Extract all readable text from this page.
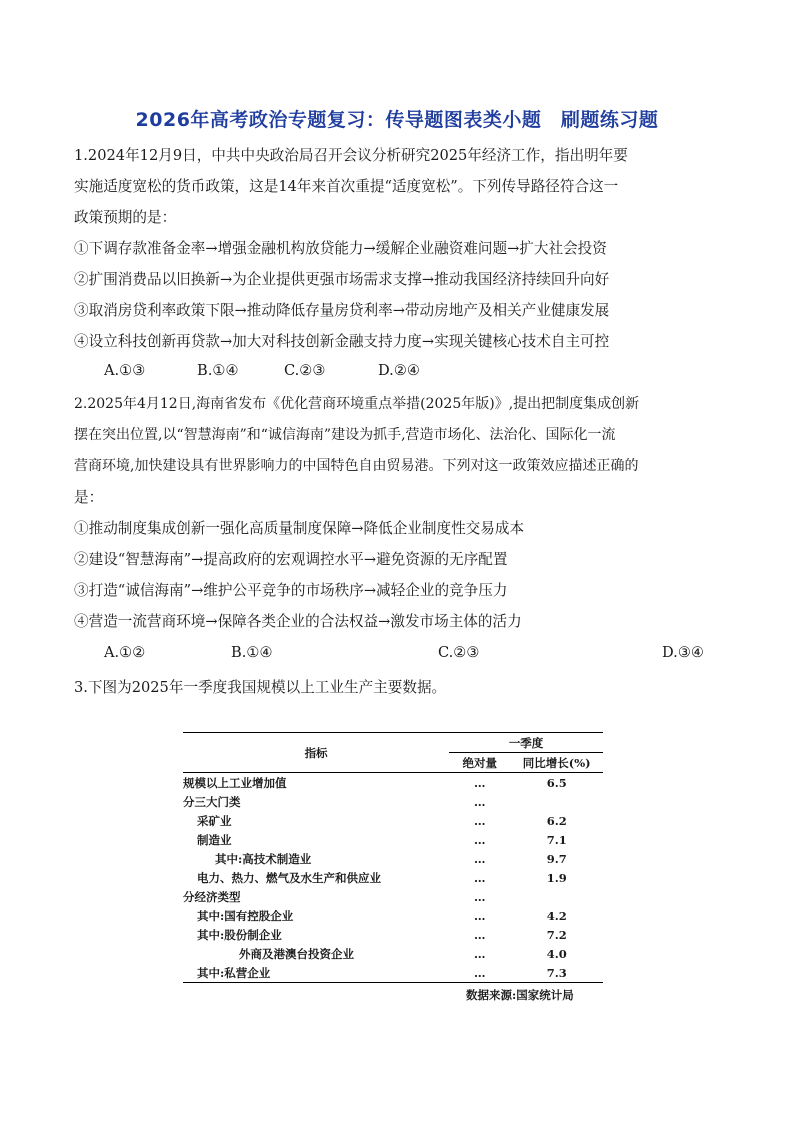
2026年高考政治专题复习：传导题图表类小题　刷题练习题
1.2024年12月9日，中共中央政治局召开会议分析研究2025年经济工作，指出明年要
实施适度宽松的货币政策，这是14年来首次重提“适度宽松”。下列传导路径符合这一
政策预期的是：
①下调存款准备金率→增强金融机构放贷能力→缓解企业融资难问题→扩大社会投资
②扩围消费品以旧换新→为企业提供更强市场需求支撑→推动我国经济持续回升向好
③取消房贷利率政策下限→推动降低存量房贷利率→带动房地产及相关产业健康发展
④设立科技创新再贷款→加大对科技创新金融支持力度→实现关键核心技术自主可控
A.①③	B.①④	C.②③	D.②④
2.2025年4月12日,海南省发布《优化营商环境重点举措(2025年版)》,提出把制度集成创新
摆在突出位置,以“智慧海南”和“诚信海南”建设为抓手,营造市场化、法治化、国际化一流
营商环境,加快建设具有世界影响力的中国特色自由贸易港。下列对这一政策效应描述正确的
是：
①推动制度集成创新一强化高质量制度保障→降低企业制度性交易成本
②建设“智慧海南”→提高政府的宏观调控水平→避免资源的无序配置
③打造“诚信海南”→维护公平竞争的市场秩序→减轻企业的竞争压力
④营造一流营商环境→保障各类企业的合法权益→激发市场主体的活力
A.①②	B.①④	C.②③	D.③④
3.下图为2025年一季度我国规模以上工业生产主要数据。
指标	一季度	
	绝对量	同比增长(%)
规模以上工业增加值	…	6.5
分三大门类	…	
采矿业	…	6.2
制造业	…	7.1
其中:高技术制造业	…	9.7
电力、热力、燃气及水生产和供应业	…	1.9
分经济类型	…	
其中:国有控股企业	…	4.2
其中:股份制企业	…	7.2
外商及港澳台投资企业	…	4.0
其中:私营企业	…	7.3
数据来源:国家统计局
